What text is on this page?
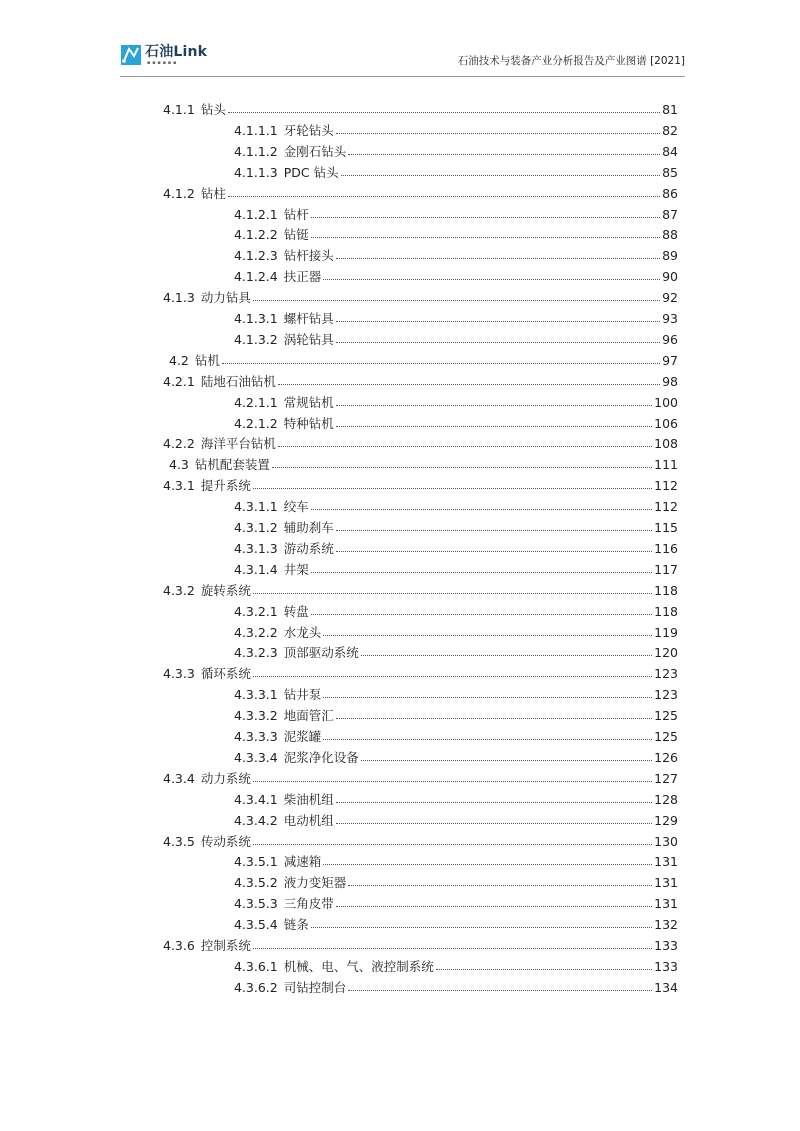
石油Link
▪▪▪▪▪▪	石油技术与装备产业分析报告及产业图谱 [2021]
4.1.1 钻头	81
4.1.1.1 牙轮钻头	82
4.1.1.2 金刚石钻头	84
4.1.1.3 PDC 钻头	85
4.1.2 钻柱	86
4.1.2.1 钻杆	87
4.1.2.2 钻铤	88
4.1.2.3 钻杆接头	89
4.1.2.4 扶正器	90
4.1.3 动力钻具	92
4.1.3.1 螺杆钻具	93
4.1.3.2 涡轮钻具	96
4.2 钻机	97
4.2.1 陆地石油钻机	98
4.2.1.1 常规钻机	100
4.2.1.2 特种钻机	106
4.2.2 海洋平台钻机	108
4.3 钻机配套装置	111
4.3.1 提升系统	112
4.3.1.1 绞车	112
4.3.1.2 辅助刹车	115
4.3.1.3 游动系统	116
4.3.1.4 井架	117
4.3.2 旋转系统	118
4.3.2.1 转盘	118
4.3.2.2 水龙头	119
4.3.2.3 顶部驱动系统	120
4.3.3 循环系统	123
4.3.3.1 钻井泵	123
4.3.3.2 地面管汇	125
4.3.3.3 泥浆罐	125
4.3.3.4 泥浆净化设备	126
4.3.4 动力系统	127
4.3.4.1 柴油机组	128
4.3.4.2 电动机组	129
4.3.5 传动系统	130
4.3.5.1 减速箱	131
4.3.5.2 液力变矩器	131
4.3.5.3 三角皮带	131
4.3.5.4 链条	132
4.3.6 控制系统	133
4.3.6.1 机械、电、气、液控制系统	133
4.3.6.2 司钻控制台	134
